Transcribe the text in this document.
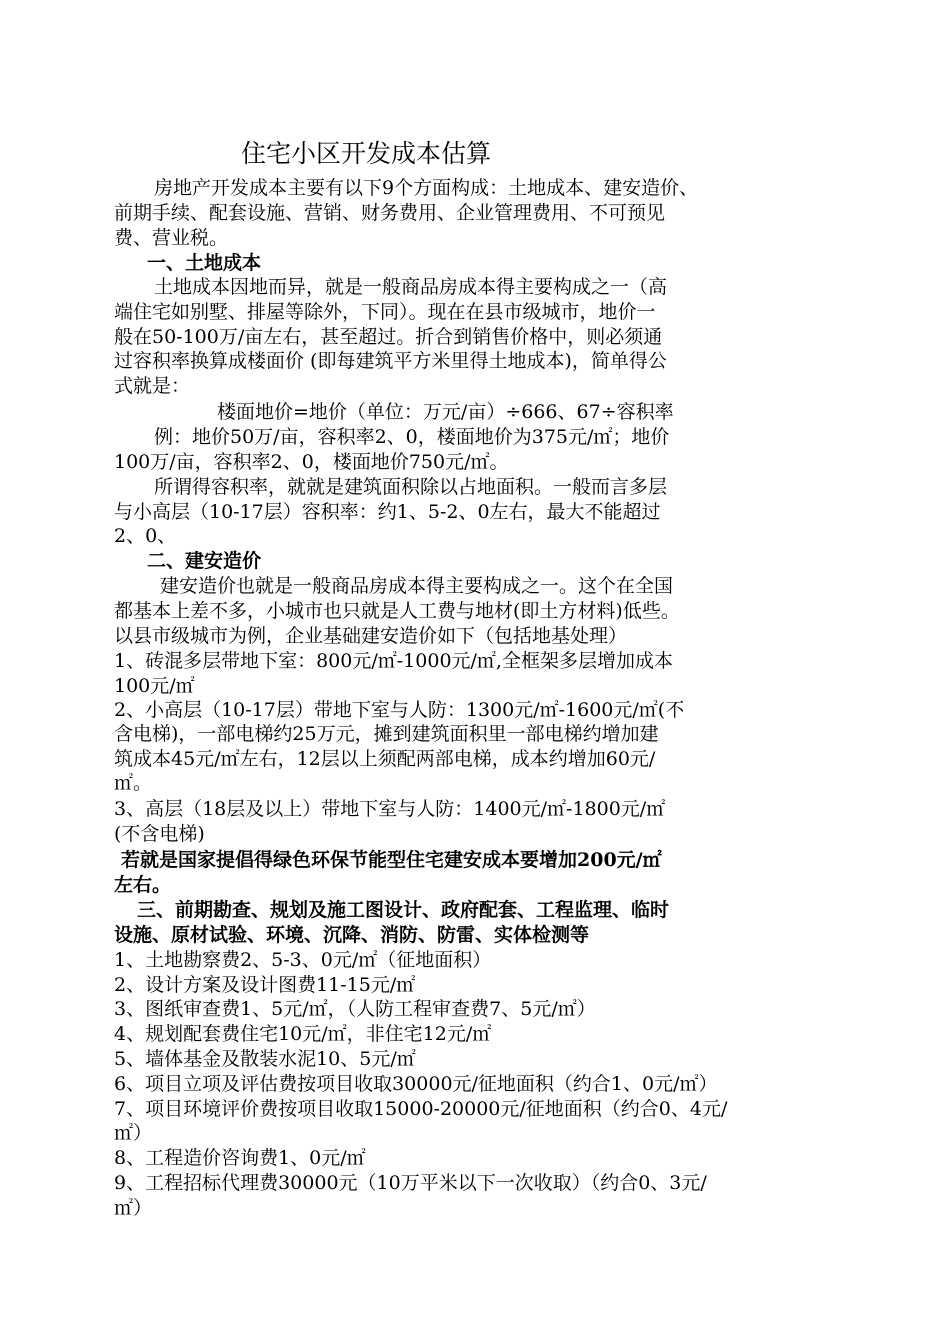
住宅小区开发成本估算
房地产开发成本主要有以下9个方面构成：土地成本、建安造价、
前期手续、配套设施、营销、财务费用、企业管理费用、不可预见
费、营业税。
一、土地成本
土地成本因地而异，就是一般商品房成本得主要构成之一（高
端住宅如别墅、排屋等除外，下同）。现在在县市级城市，地价一
般在50-100万/亩左右，甚至超过。折合到销售价格中，则必须通
过容积率换算成楼面价 (即每建筑平方米里得土地成本)，简单得公
式就是：
楼面地价=地价（单位：万元/亩）÷666、67÷容积率
例：地价50万/亩，容积率2、0，楼面地价为375元/㎡；地价
100万/亩，容积率2、0，楼面地价750元/㎡。
所谓得容积率，就就是建筑面积除以占地面积。一般而言多层
与小高层（10-17层）容积率：约1、5-2、0左右，最大不能超过
2、0、
二、建安造价
建安造价也就是一般商品房成本得主要构成之一。这个在全国
都基本上差不多，小城市也只就是人工费与地材(即土方材料)低些。
以县市级城市为例，企业基础建安造价如下（包括地基处理）
1、砖混多层带地下室：800元/㎡-1000元/㎡,全框架多层增加成本
100元/㎡
2、小高层（10-17层）带地下室与人防：1300元/㎡-1600元/㎡(不
含电梯)，一部电梯约25万元，摊到建筑面积里一部电梯约增加建
筑成本45元/㎡左右，12层以上须配两部电梯，成本约增加60元/
㎡。
3、高层（18层及以上）带地下室与人防：1400元/㎡-1800元/㎡
(不含电梯)
若就是国家提倡得绿色环保节能型住宅建安成本要增加200元/㎡
左右。
三、前期勘查、规划及施工图设计、政府配套、工程监理、临时
设施、原材试验、环境、沉降、消防、防雷、实体检测等
1、土地勘察费2、5-3、0元/㎡（征地面积）
2、设计方案及设计图费11-15元/㎡
3、图纸审查费1、5元/㎡，（人防工程审查费7、5元/㎡）
4、规划配套费住宅10元/㎡，非住宅12元/㎡
5、墙体基金及散装水泥10、5元/㎡
6、项目立项及评估费按项目收取30000元/征地面积（约合1、0元/㎡）
7、项目环境评价费按项目收取15000-20000元/征地面积（约合0、4元/
㎡）
8、工程造价咨询费1、0元/㎡
9、工程招标代理费30000元（10万平米以下一次收取）（约合0、3元/
㎡）
